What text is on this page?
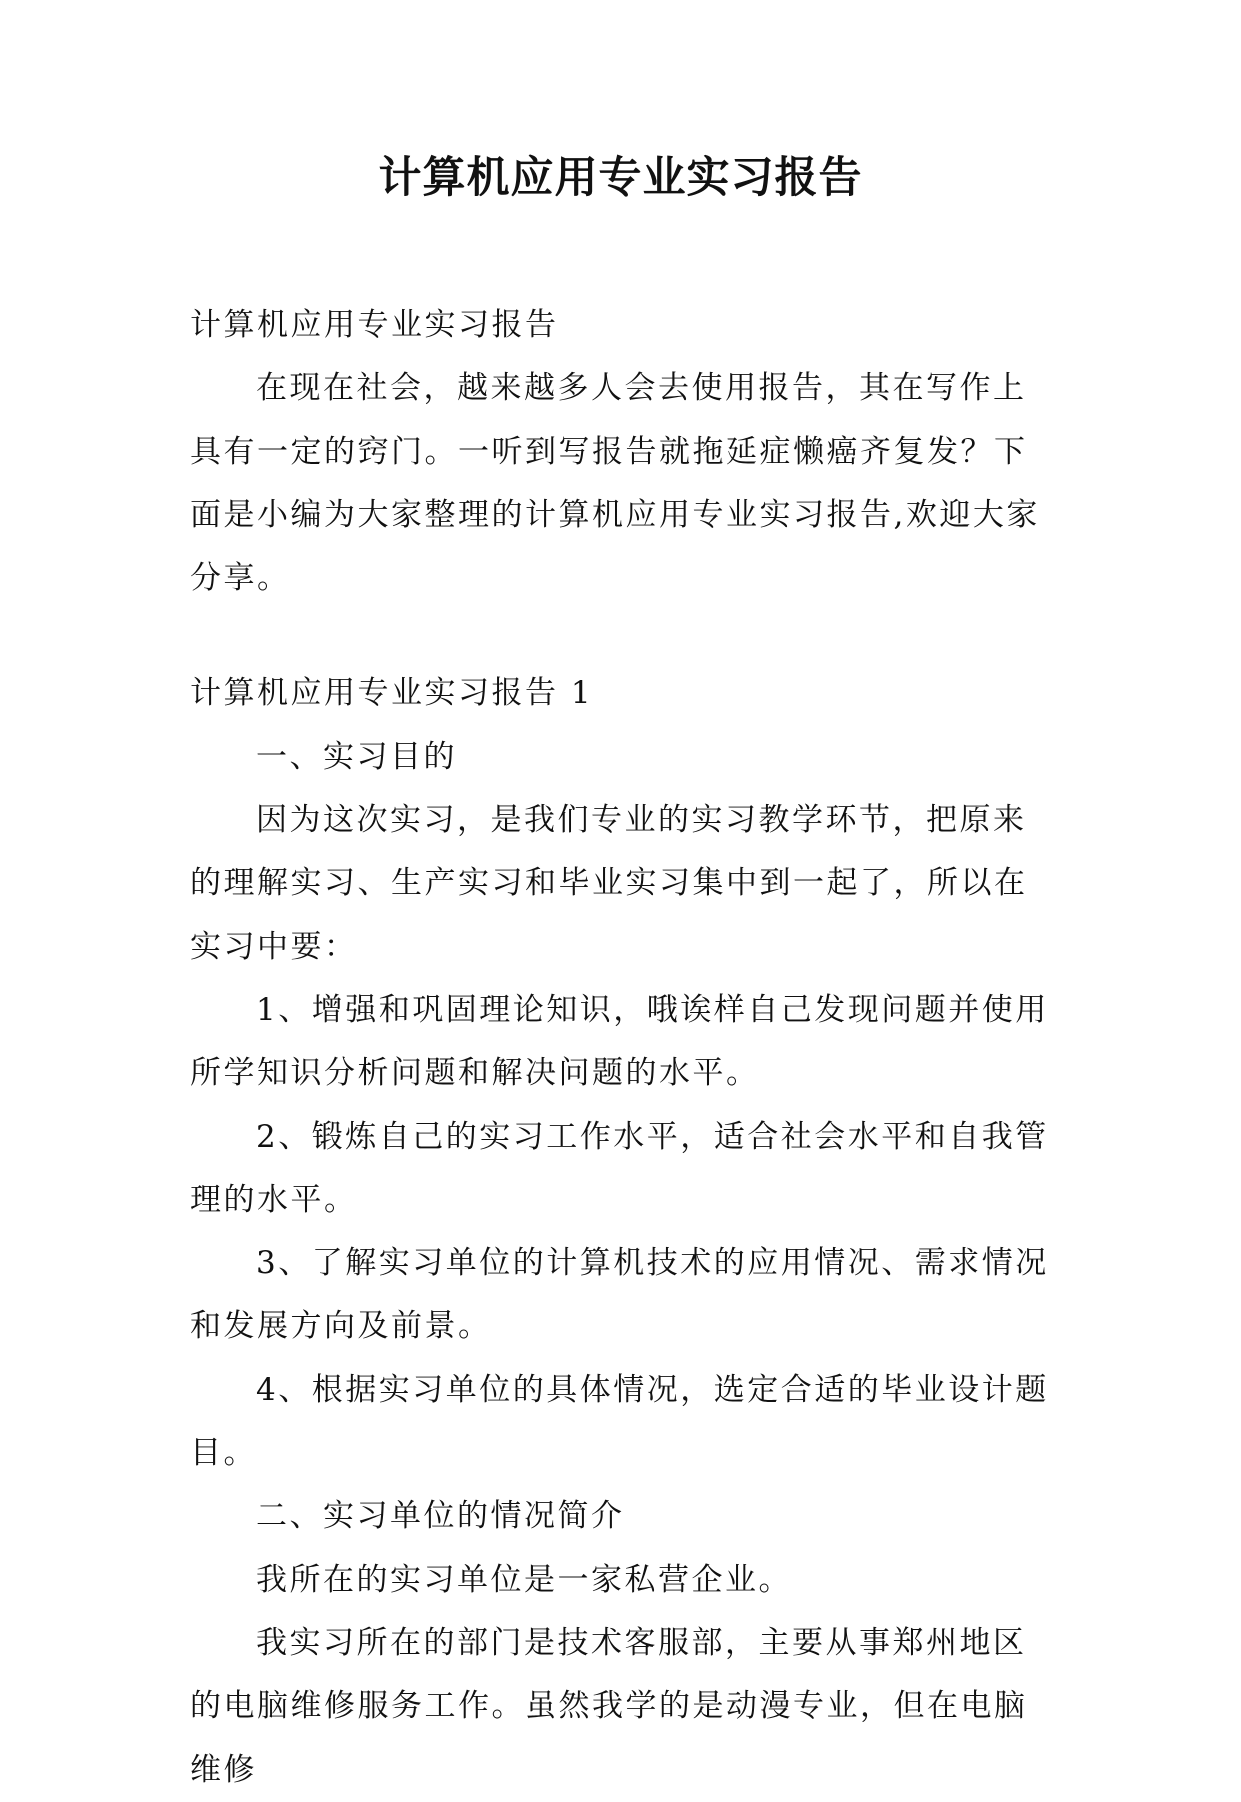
计算机应用专业实习报告

计算机应用专业实习报告

在现在社会，越来越多人会去使用报告，其在写作上具有一定的窍门。一听到写报告就拖延症懒癌齐复发？下面是小编为大家整理的计算机应用专业实习报告,欢迎大家分享。

计算机应用专业实习报告 1

一、实习目的

因为这次实习，是我们专业的实习教学环节，把原来的理解实习、生产实习和毕业实习集中到一起了，所以在实习中要：

1、增强和巩固理论知识，哦诶样自己发现问题并使用所学知识分析问题和解决问题的水平。

2、锻炼自己的实习工作水平，适合社会水平和自我管理的水平。

3、了解实习单位的计算机技术的应用情况、需求情况和发展方向及前景。

4、根据实习单位的具体情况，选定合适的毕业设计题目。

二、实习单位的情况简介

我所在的实习单位是一家私营企业。

我实习所在的部门是技术客服部，主要从事郑州地区的电脑维修服务工作。虽然我学的是动漫专业，但在电脑维修
